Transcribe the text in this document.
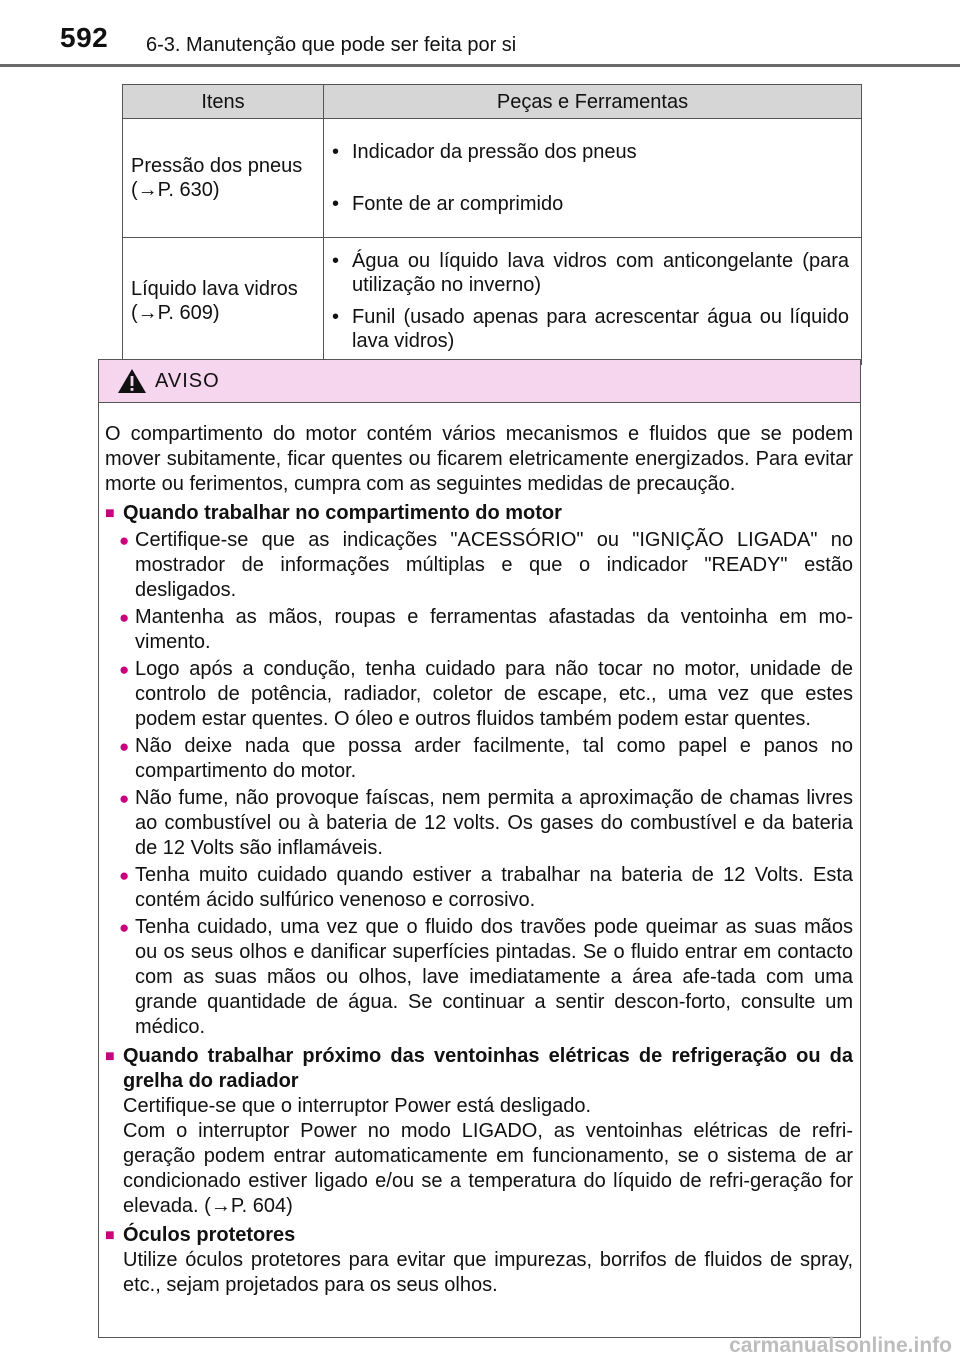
592 6-3. Manutenção que pode ser feita por si
Itens	Peças e Ferramentas
Pressão dos pneus (→P. 630)	• Indicador da pressão dos pneus
• Fonte de ar comprimido

Líquido lava vidros (→P. 609)	• Água ou líquido lava vidros com anticongelante (para utilização no inverno)
• Funil (usado apenas para acrescentar água ou líquido lava vidros)
AVISO

O compartimento do motor contém vários mecanismos e fluidos que se podem mover subitamente, ficar quentes ou ficarem eletricamente energizados. Para evitar morte ou ferimentos, cumpra com as seguintes medidas de precaução.

■ Quando trabalhar no compartimento do motor
● Certifique-se que as indicações "ACESSÓRIO" ou "IGNIÇÃO LIGADA" no mostrador de informações múltiplas e que o indicador "READY" estão desligados.
● Mantenha as mãos, roupas e ferramentas afastadas da ventoinha em mo-vimento.
● Logo após a condução, tenha cuidado para não tocar no motor, unidade de controlo de potência, radiador, coletor de escape, etc., uma vez que estes podem estar quentes. O óleo e outros fluidos também podem estar quentes.
● Não deixe nada que possa arder facilmente, tal como papel e panos no compartimento do motor.
● Não fume, não provoque faíscas, nem permita a aproximação de chamas livres ao combustível ou à bateria de 12 volts. Os gases do combustível e da bateria de 12 Volts são inflamáveis.
● Tenha muito cuidado quando estiver a trabalhar na bateria de 12 Volts. Esta contém ácido sulfúrico venenoso e corrosivo.
● Tenha cuidado, uma vez que o fluido dos travões pode queimar as suas mãos ou os seus olhos e danificar superfícies pintadas. Se o fluido entrar em contacto com as suas mãos ou olhos, lave imediatamente a área afe-tada com uma grande quantidade de água. Se continuar a sentir descon-forto, consulte um médico.
■ Quando trabalhar próximo das ventoinhas elétricas de refrigeração ou da grelha do radiador

Certifique-se que o interruptor Power está desligado.

Com o interruptor Power no modo LIGADO, as ventoinhas elétricas de refri-geração podem entrar automaticamente em funcionamento, se o sistema de ar condicionado estiver ligado e/ou se a temperatura do líquido de refri-geração for elevada. (→P. 604)

■ Óculos protetores

Utilize óculos protetores para evitar que impurezas, borrifos de fluidos de spray, etc., sejam projetados para os seus olhos.

carmanualsonline.info
